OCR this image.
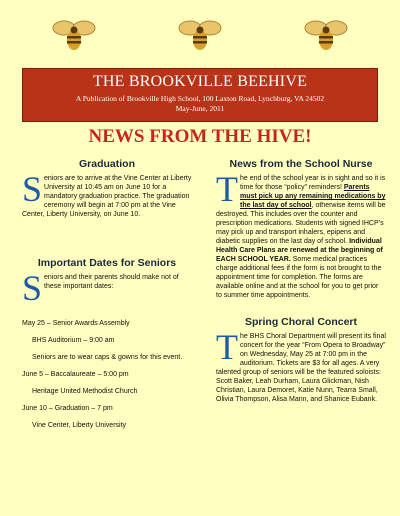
THE BROOKVILLE BEEHIVE
A Publication of Brookville High School, 100 Laxton Road, Lynchburg, VA 24502
May-June, 2011
NEWS FROM THE HIVE!
Graduation

Seniors are to arrive at the Vine Center at Liberty University at 10:45 am on June 10 for a mandatory graduation practice. The graduation ceremony will begin at 7:00 pm at the Vine Center, Liberty University, on June 10.

Important Dates for Seniors

Seniors and their parents should make not of these important dates:

May 25 – Senior Awards Assembly

BHS Auditorium – 9:00 am

Seniors are to wear caps & gowns for this event.

June 5 – Baccalaureate – 5:00 pm

Heritage United Methodist Church

June 10 – Graduation – 7 pm

Vine Center, Liberty University

News from the School Nurse

The end of the school year is in sight and so it is time for those “policy” reminders! Parents must pick up any remaining medications by the last day of school, otherwise items will be destroyed. This includes over the counter and prescription medications. Students with signed IHCP’s may pick up and transport inhalers, epipens and diabetic supplies on the last day of school. Individual Health Care Plans are renewed at the beginning of EACH SCHOOL YEAR. Some medical practices charge additional fees if the form is not brought to the appointment time for completion. The forms are available online and at the school for you to get prior to summer time appointments.

Spring Choral Concert

The BHS Choral Department will present its final concert for the year “From Opera to Broadway” on Wednesday, May 25 at 7:00 pm in the auditorium. Tickets are $3 for all ages. A very talented group of seniors will be the featured soloists: Scott Baker, Leah Durham, Laura Glickman, Nish Christian, Laura Demoret, Katie Nunn, Tearra Small, Olivia Thompson, Alisa Mann, and Shanice Eubank.
